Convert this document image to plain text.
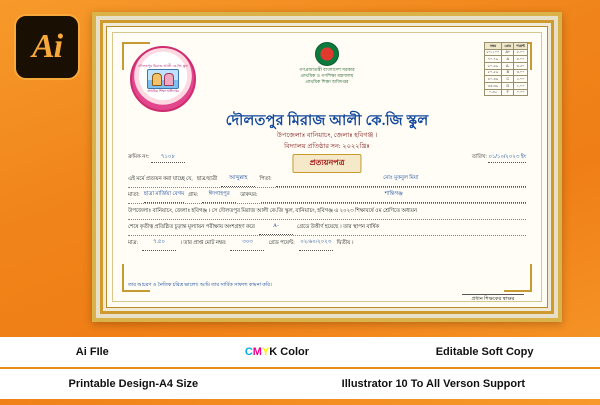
Ai
দৌলতপুর মিরাজ আলী কে.জি স্কুল
প্রাথমিক শিক্ষা অধিদপ্তর
গণপ্রজাতন্ত্রী বাংলাদেশ সরকার
প্রাথমিক ও গণশিক্ষা মন্ত্রণালয়
প্রাথমিক শিক্ষা অধিদপ্তর
নম্বর	গ্রেড	পয়েন্ট
৮০-১০০	A+	৫.০০
৭০-৭৯	A	৪.০০
৬০-৬৯	A-	৩.৫০
৫০-৫৯	B	৩.০০
৪০-৪৯	C	২.০০
৩৩-৩৯	D	১.০০
০-৩২	F	০.০০
দৌলতপুর মিরাজ আলী কে.জি স্কুল
উপজেলাঃ বানিয়াচং, জেলাঃ হবিগঞ্জ ।
বিদ্যালয় প্রতিষ্ঠার সন: ২০২২খ্রিঃ
প্রত্যয়নপত্র
ক্রমিক নং: ৭১০৮	তারিখ: ০১/১০/২০২৩ ইং
এই মর্মে প্রত্যয়ন করা যাচ্ছে যে, ছাত্র/ছাত্রী	আব্দুল্লাহ	পিতা:	মোঃ মুকবুল মিয়া
মাতা: ছাত্রা মার্জিয়া বেগম গ্রাম:	ঈদগাহপুর	ডাকঘর:	শান্তিগঞ্জ
উপজেলাঃ বানিয়াচং, জেলাঃ হবিগঞ্জ । সে দৌলতপুর মিরাজ আলী কে.জি স্কুল, বানিয়াচং, হবিগঞ্জ এ ২০২৩ শিক্ষাবর্ষে ৫ম শ্রেণিতে অধ্যয়ন
শেষে কৃতীত্ব প্রতিষ্ঠিত চূড়ান্ত মূল্যায়ন পরীক্ষায় অংশগ্রহণ করে	A-	গ্রেডে উত্তীর্ণ হয়েছে । তার স্থাপন বার্ষিক
মাত্র:	৭.৫০	। তার প্রাপ্ত মোট নম্বর:	৩০৩	গ্রেড পয়েন্ট: ০২/৬০/২০২৩ দ্বিতীয় ।
তার আচরণ ও নৈতিক চরিত্র ভালো। আমি তার সার্বিক সাফল্য কামনা করি।
প্রধান শিক্ষকের স্বাক্ষর
Ai FIle	CMYK Color	Editable Soft Copy
Printable Design-A4 Size	Illustrator 10 To All Verson Support
